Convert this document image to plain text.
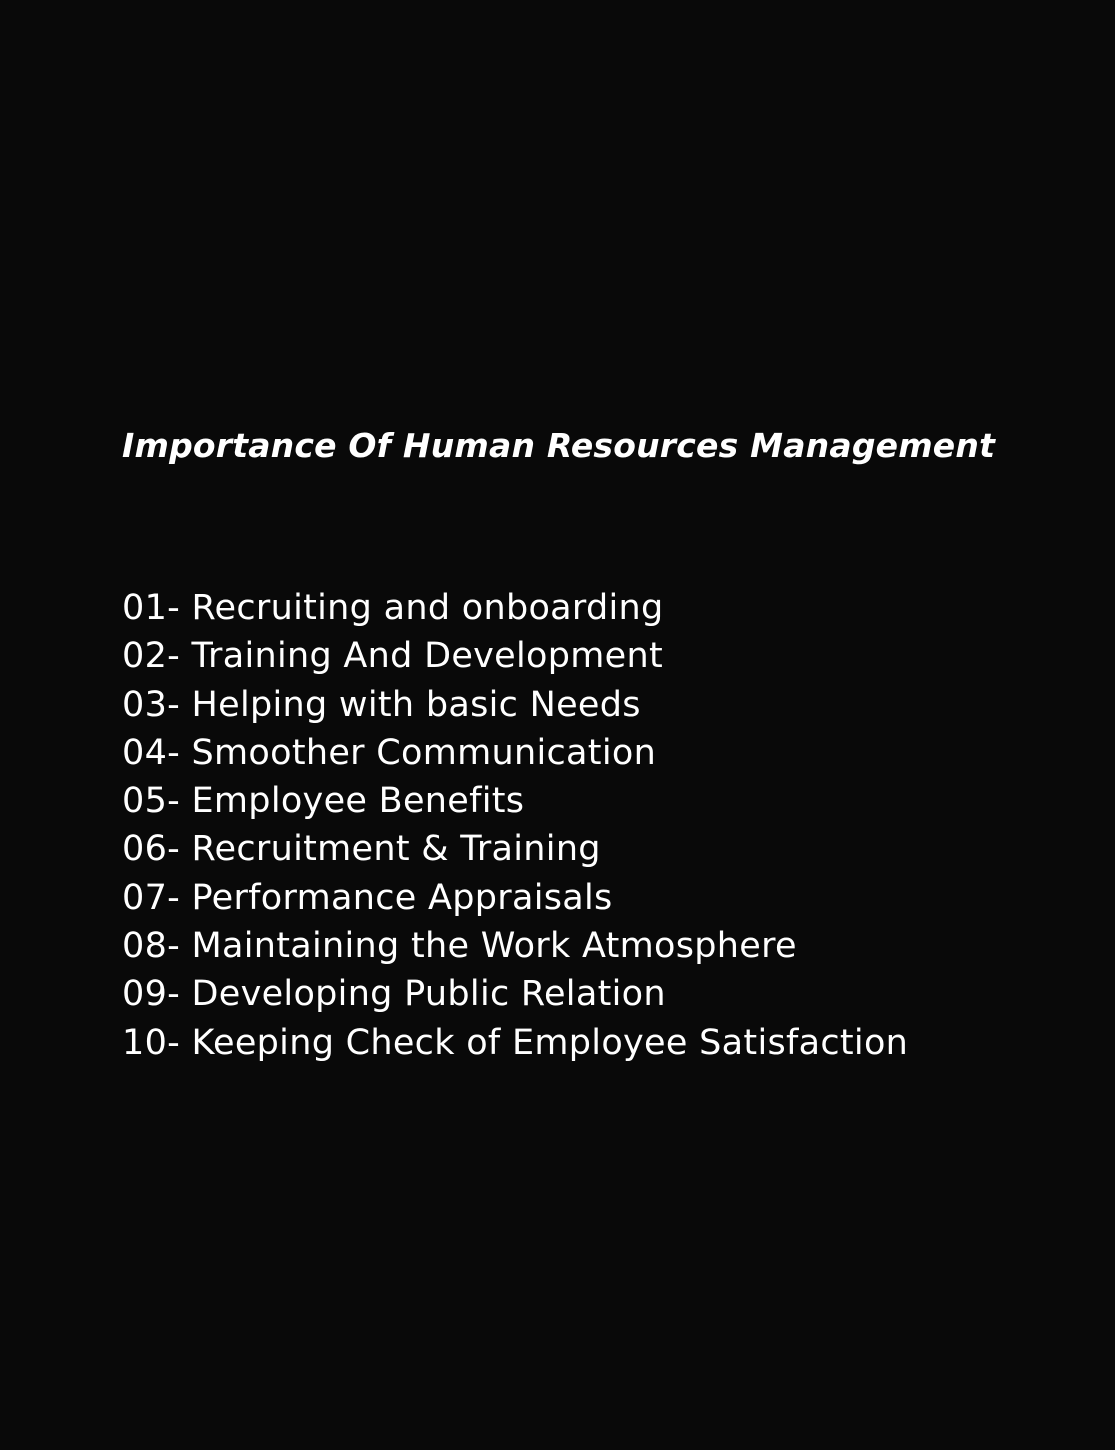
Importance Of Human Resources Management
01- Recruiting and onboarding
02- Training And Development
03- Helping with basic Needs
04- Smoother Communication
05- Employee Benefits
06- Recruitment & Training
07- Performance Appraisals
08- Maintaining the Work Atmosphere
09- Developing Public Relation
10- Keeping Check of Employee Satisfaction
